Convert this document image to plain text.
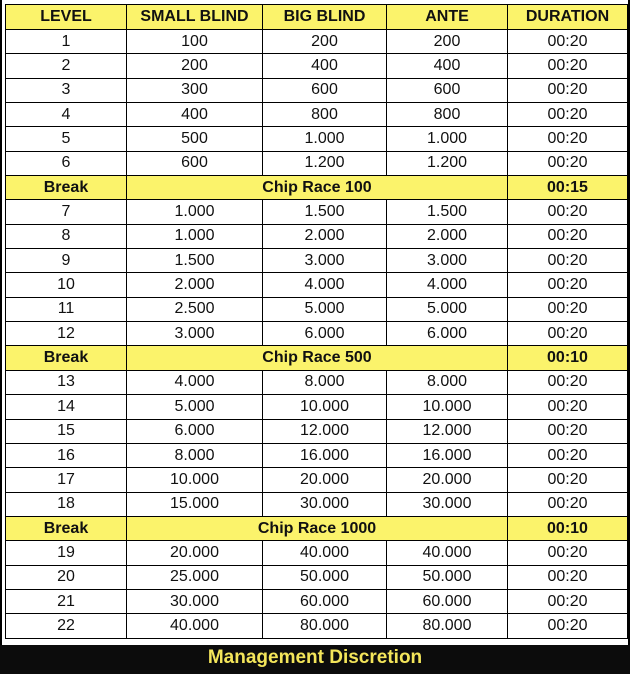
LEVEL	SMALL BLIND	BIG BLIND	ANTE	DURATION
1	100	200	200	00:20
2	200	400	400	00:20
3	300	600	600	00:20
4	400	800	800	00:20
5	500	1.000	1.000	00:20
6	600	1.200	1.200	00:20
Break	Chip Race 100			00:15
7	1.000	1.500	1.500	00:20
8	1.000	2.000	2.000	00:20
9	1.500	3.000	3.000	00:20
10	2.000	4.000	4.000	00:20
11	2.500	5.000	5.000	00:20
12	3.000	6.000	6.000	00:20
Break	Chip Race 500			00:10
13	4.000	8.000	8.000	00:20
14	5.000	10.000	10.000	00:20
15	6.000	12.000	12.000	00:20
16	8.000	16.000	16.000	00:20
17	10.000	20.000	20.000	00:20
18	15.000	30.000	30.000	00:20
Break	Chip Race 1000			00:10
19	20.000	40.000	40.000	00:20
20	25.000	50.000	50.000	00:20
21	30.000	60.000	60.000	00:20
22	40.000	80.000	80.000	00:20
Management Discretion
